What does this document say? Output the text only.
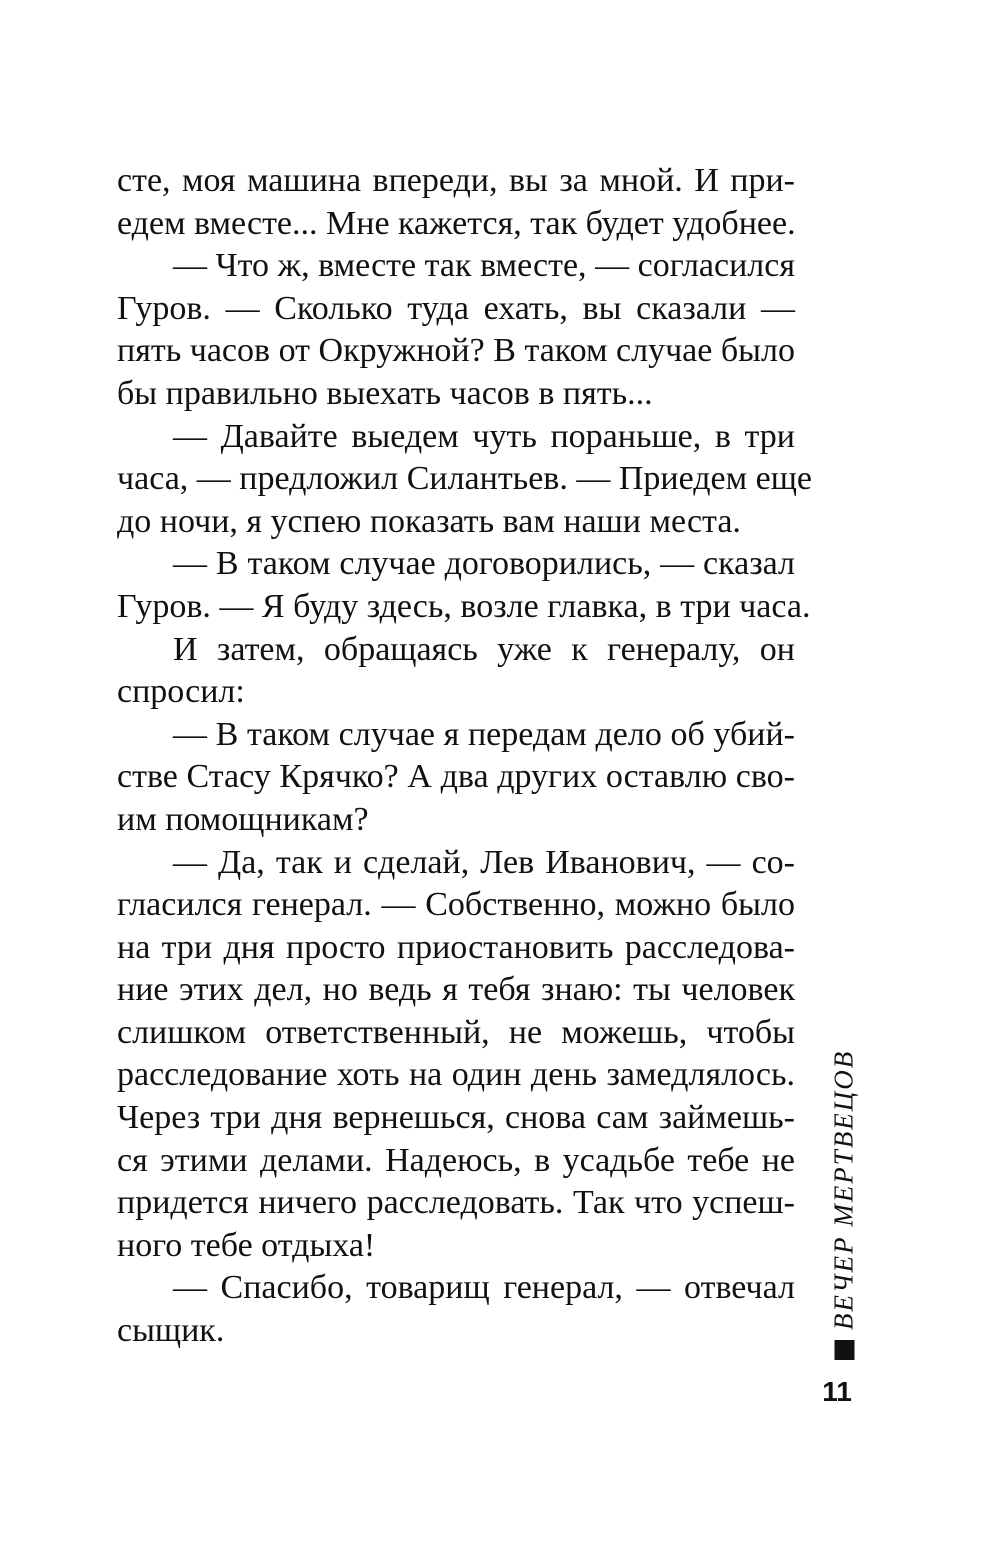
сте, моя машина впереди, вы за мной. И при-
едем вместе... Мне кажется, так будет удобнее.
— Что ж, вместе так вместе, — согласился
Гуров. — Сколько туда ехать, вы сказали —
пять часов от Окружной? В таком случае было
бы правильно выехать часов в пять...
— Давайте выедем чуть пораньше, в три
часа, — предложил Силантьев. — Приедем еще
до ночи, я успею показать вам наши места.
— В таком случае договорились, — сказал
Гуров. — Я буду здесь, возле главка, в три часа.
И затем, обращаясь уже к генералу, он
спросил:
— В таком случае я передам дело об убий-
стве Стасу Крячко? А два других оставлю сво-
им помощникам?
— Да, так и сделай, Лев Иванович, — со-
гласился генерал. — Собственно, можно было
на три дня просто приостановить расследова-
ние этих дел, но ведь я тебя знаю: ты человек
слишком ответственный, не можешь, чтобы
расследование хоть на один день замедлялось.
Через три дня вернешься, снова сам займешь-
ся этими делами. Надеюсь, в усадьбе тебе не
придется ничего расследовать. Так что успеш-
ного тебе отдыха!
— Спасибо, товарищ генерал, — отвечал
сыщик.
ВЕЧЕР МЕРТВЕЦОВ
11
